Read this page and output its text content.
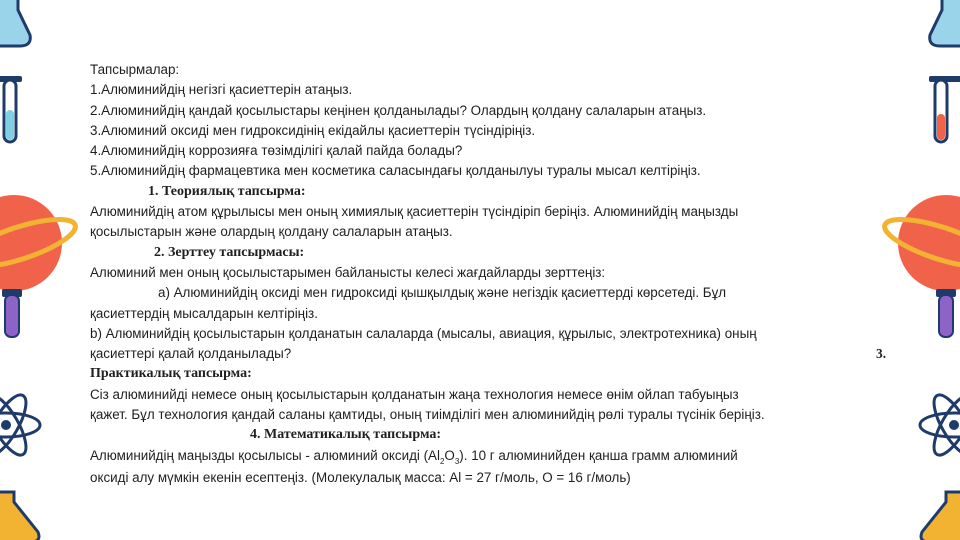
Тапсырмалар:
1.Алюминийдің негізгі қасиеттерін атаңыз.
2.Алюминийдің қандай қосылыстары кеңінен қолданылады? Олардың қолдану салаларын атаңыз.
3.Алюминий оксиді мен гидроксидінің екідайлы қасиеттерін түсіндіріңіз.
4.Алюминийдің коррозияға төзімділігі қалай пайда болады?
5.Алюминийдің фармацевтика мен косметика саласындағы қолданылуы туралы мысал келтіріңіз.
1. Теориялық тапсырма:
Алюминийдің атом құрылысы мен оның химиялық қасиеттерін түсіндіріп беріңіз. Алюминийдің маңызды
қосылыстарын және олардың қолдану салаларын атаңыз.
2. Зерттеу тапсырмасы:
Алюминий мен оның қосылыстарымен байланысты келесі жағдайларды зерттеңіз:
а) Алюминийдің оксиді мен гидроксиді қышқылдық және негіздік қасиеттерді көрсетеді. Бұл
қасиеттердің мысалдарын келтіріңіз.
b) Алюминийдің қосылыстарын қолданатын салаларда (мысалы, авиация, құрылыс, электротехника) оның
қасиеттері қалай қолданылады?	3.
Практикалық тапсырма:
Сіз алюминийді немесе оның қосылыстарын қолданатын жаңа технология немесе өнім ойлап табуыңыз
қажет. Бұл технология қандай саланы қамтиды, оның тиімділігі мен алюминийдің рөлі туралы түсінік беріңіз.
4. Математикалық тапсырма:
Алюминийдің маңызды қосылысы - алюминий оксиді $(Al_2O_3)$. 10 г алюминийден қанша грамм алюминий
оксиді алу мүмкін екенін есептеңіз. (Молекулалық масса: Al = 27 г/моль, O = 16 г/моль)
